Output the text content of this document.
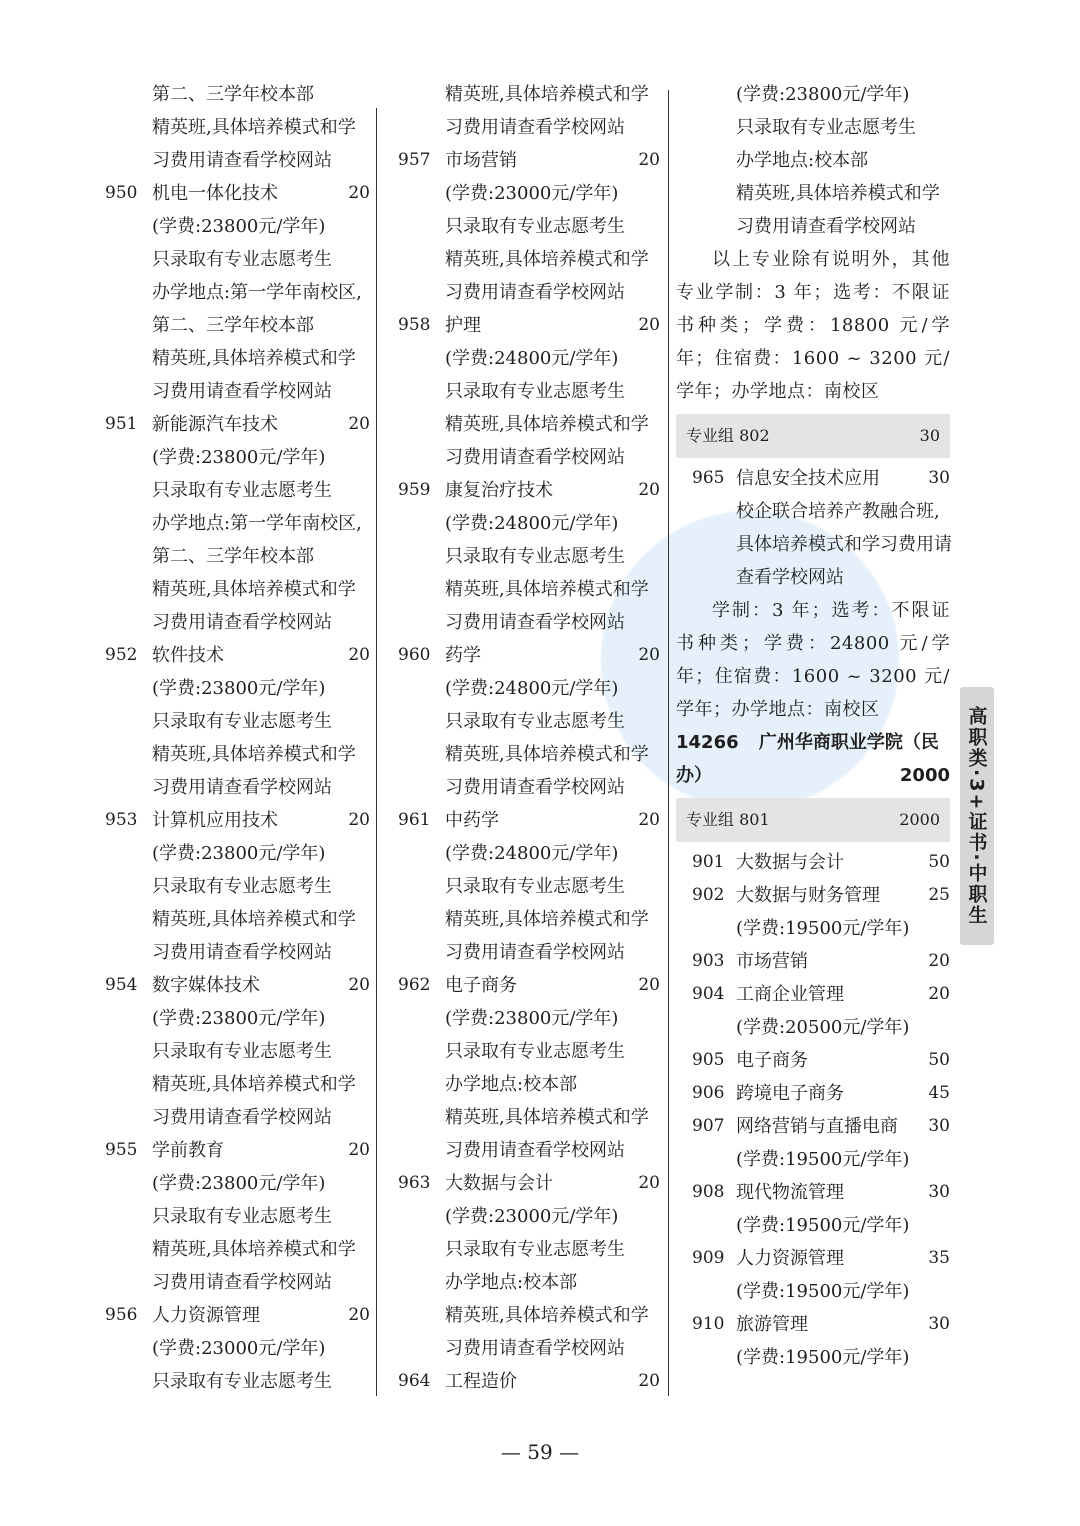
第二、三学年校本部
精英班,具体培养模式和学
习费用请查看学校网站
950 机电一体化技术	20
(学费:23800元/学年)
只录取有专业志愿考生
办学地点:第一学年南校区,
第二、三学年校本部
精英班,具体培养模式和学
习费用请查看学校网站
951 新能源汽车技术	20
(学费:23800元/学年)
只录取有专业志愿考生
办学地点:第一学年南校区,
第二、三学年校本部
精英班,具体培养模式和学
习费用请查看学校网站
952 软件技术	20
(学费:23800元/学年)
只录取有专业志愿考生
精英班,具体培养模式和学
习费用请查看学校网站
953 计算机应用技术	20
(学费:23800元/学年)
只录取有专业志愿考生
精英班,具体培养模式和学
习费用请查看学校网站
954 数字媒体技术	20
(学费:23800元/学年)
只录取有专业志愿考生
精英班,具体培养模式和学
习费用请查看学校网站
955 学前教育	20
(学费:23800元/学年)
只录取有专业志愿考生
精英班,具体培养模式和学
习费用请查看学校网站
956 人力资源管理	20
(学费:23000元/学年)
只录取有专业志愿考生
精英班,具体培养模式和学
习费用请查看学校网站
957 市场营销	20
(学费:23000元/学年)
只录取有专业志愿考生
精英班,具体培养模式和学
习费用请查看学校网站
958 护理	20
(学费:24800元/学年)
只录取有专业志愿考生
精英班,具体培养模式和学
习费用请查看学校网站
959 康复治疗技术	20
(学费:24800元/学年)
只录取有专业志愿考生
精英班,具体培养模式和学
习费用请查看学校网站
960 药学	20
(学费:24800元/学年)
只录取有专业志愿考生
精英班,具体培养模式和学
习费用请查看学校网站
961 中药学	20
(学费:24800元/学年)
只录取有专业志愿考生
精英班,具体培养模式和学
习费用请查看学校网站
962 电子商务	20
(学费:23800元/学年)
只录取有专业志愿考生
办学地点:校本部
精英班,具体培养模式和学
习费用请查看学校网站
963 大数据与会计	20
(学费:23000元/学年)
只录取有专业志愿考生
办学地点:校本部
精英班,具体培养模式和学
习费用请查看学校网站
964 工程造价	20
(学费:23800元/学年)
只录取有专业志愿考生
办学地点:校本部
精英班,具体培养模式和学
习费用请查看学校网站
以上专业除有说明外，其他专业学制：3 年；选考：不限证书种类；学费：18800 元/学年；住宿费：1600 ~ 3200 元/学年；办学地点：南校区
专业组 802	30
965 信息安全技术应用	30
校企联合培养产教融合班,
具体培养模式和学习费用请
查看学校网站
学制：3 年；选考：不限证书种类；学费：24800 元/学年；住宿费：1600 ~ 3200 元/学年；办学地点：南校区
14266 广州华商职业学院（民办）	2000
专业组 801	2000
901 大数据与会计	50
902 大数据与财务管理	25
(学费:19500元/学年)
903 市场营销	20
904 工商企业管理	20
(学费:20500元/学年)
905 电子商务	50
906 跨境电子商务	45
907 网络营销与直播电商 30
(学费:19500元/学年)
908 现代物流管理	30
(学费:19500元/学年)
909 人力资源管理	35
(学费:19500元/学年)
910 旅游管理	30
(学费:19500元/学年)
高职类·3+证书·中职生
— 59 —
